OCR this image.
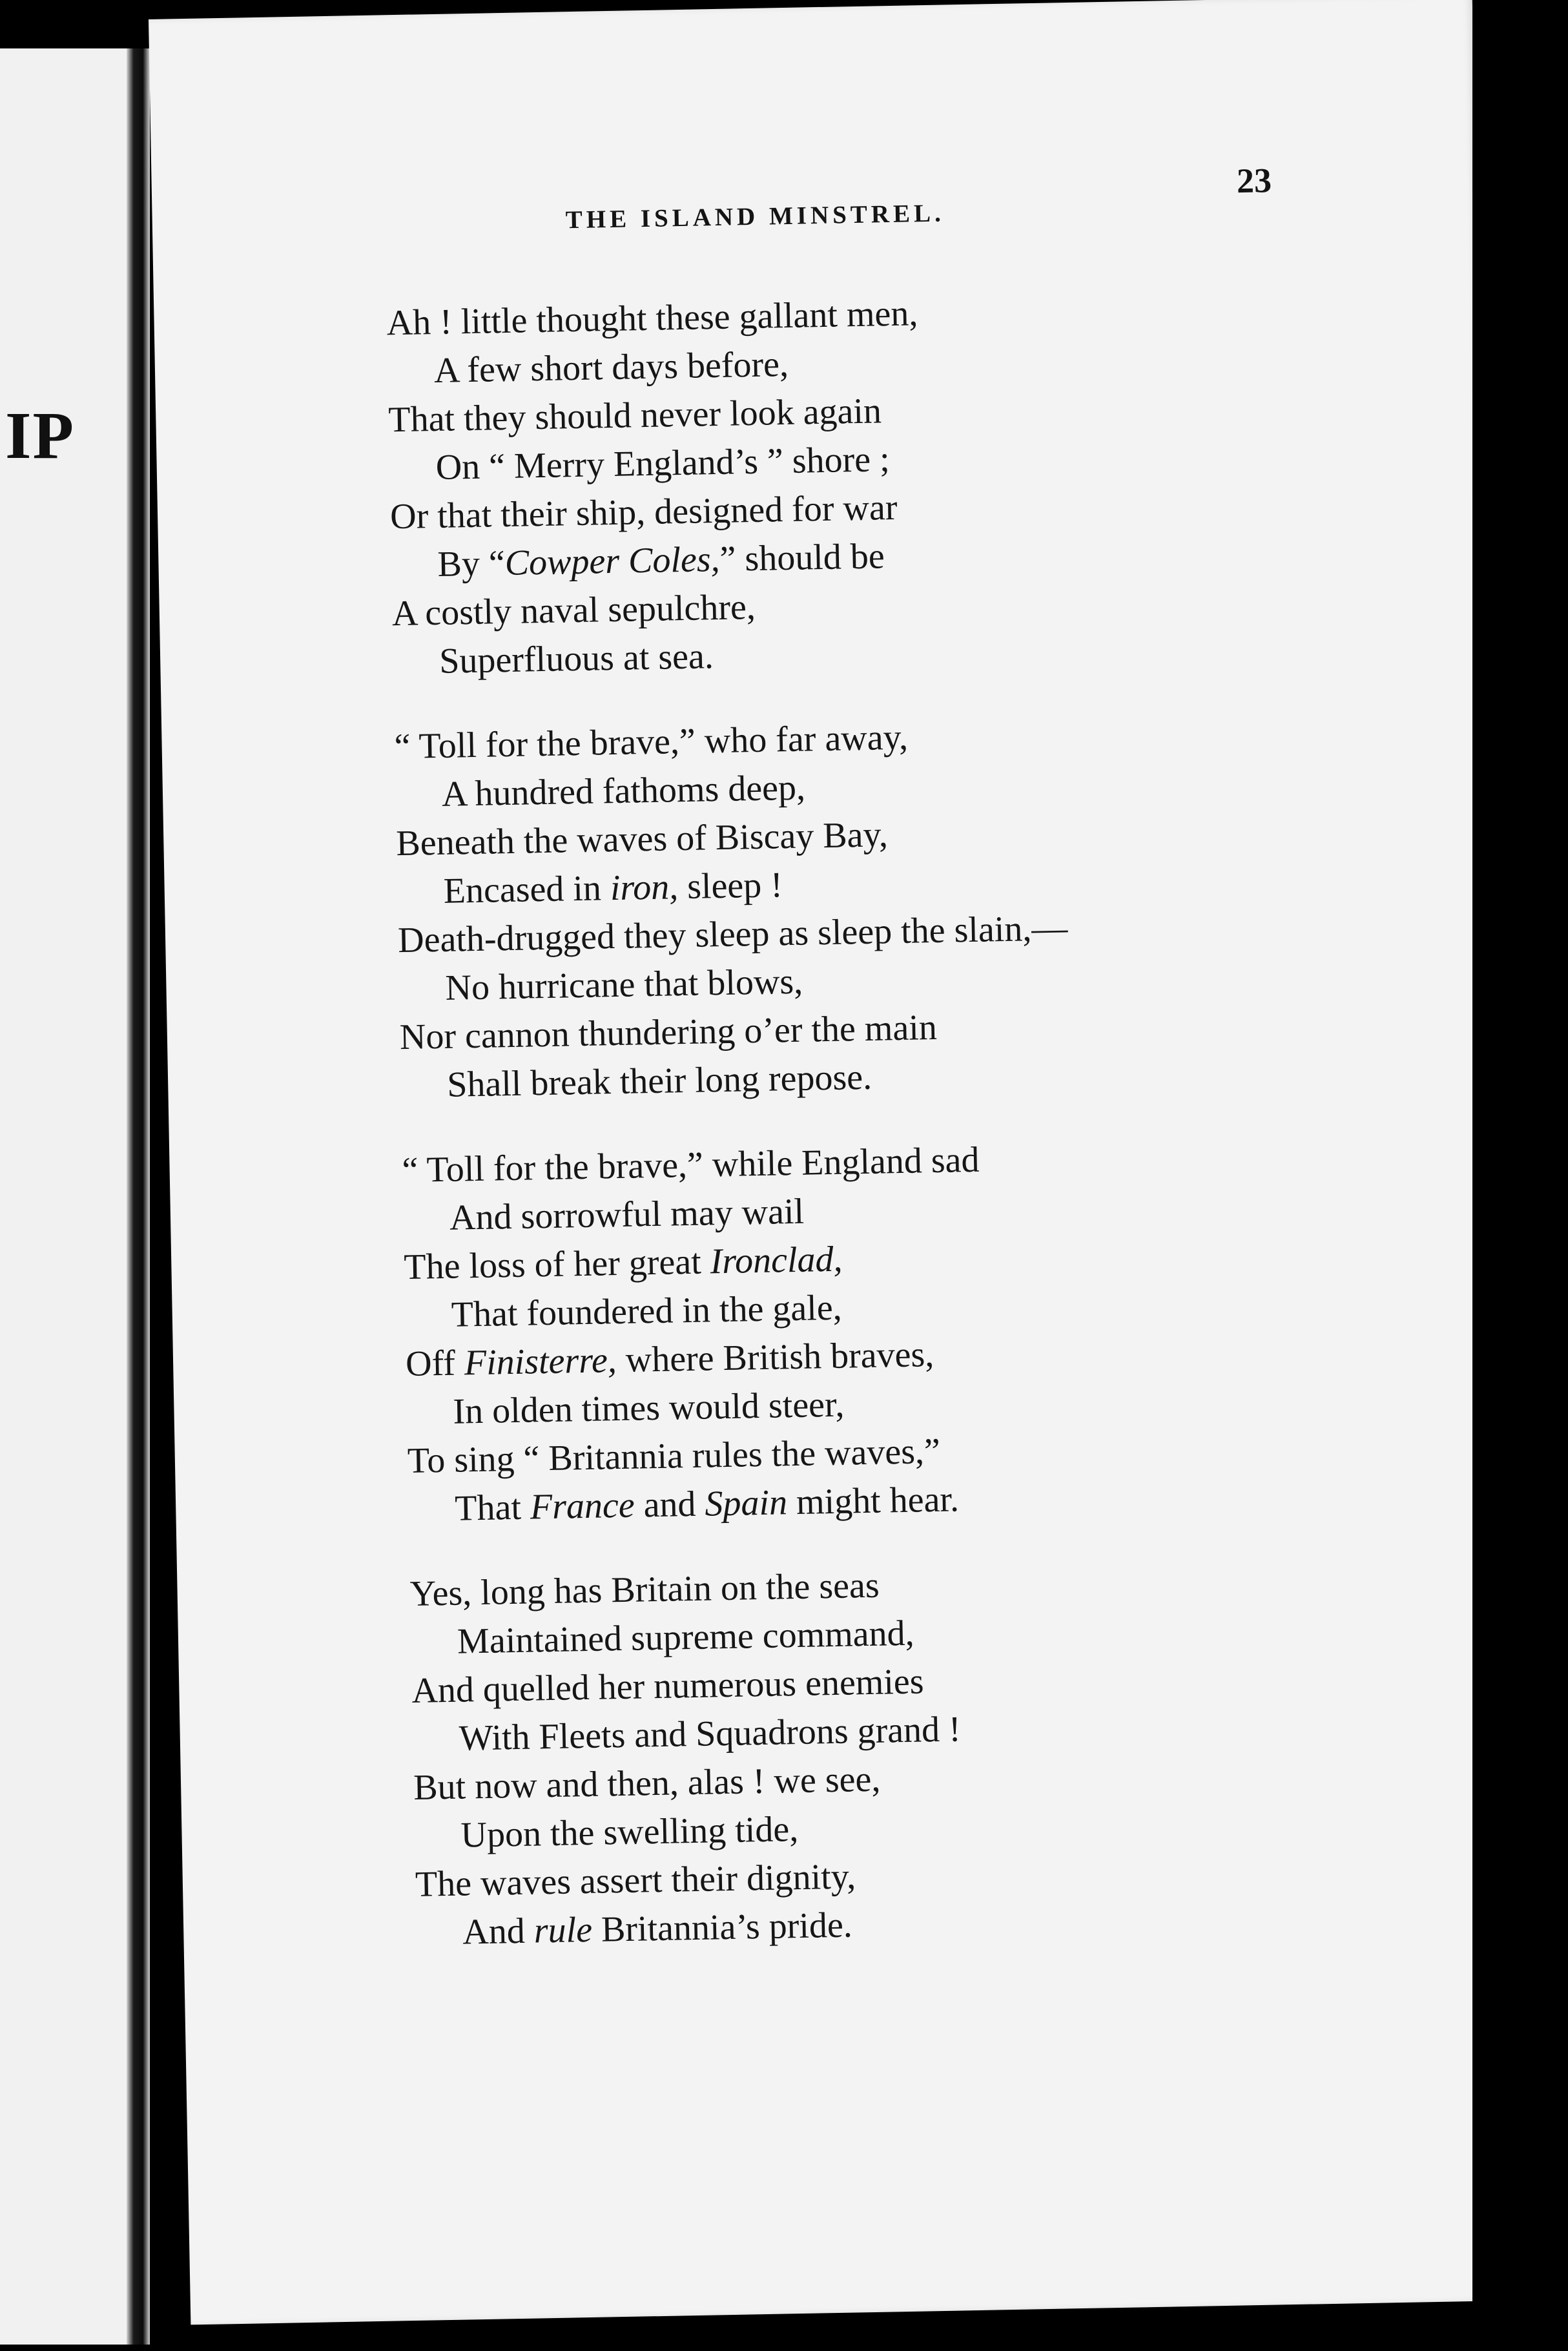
IP
THE ISLAND MINSTREL.
23
Ah ! little thought these gallant men,
A few short days before,
That they should never look again
On “ Merry England’s ” shore ;
Or that their ship, designed for war
By “Cowper Coles,” should be
A costly naval sepulchre,
Superfluous at sea.
“ Toll for the brave,” who far away,
A hundred fathoms deep,
Beneath the waves of Biscay Bay,
Encased in iron, sleep !
Death-drugged they sleep as sleep the slain,—
No hurricane that blows,
Nor cannon thundering o’er the main
Shall break their long repose.
“ Toll for the brave,” while England sad
And sorrowful may wail
The loss of her great Ironclad,
That foundered in the gale,
Off Finisterre, where British braves,
In olden times would steer,
To sing “ Britannia rules the waves,”
That France and Spain might hear.
Yes, long has Britain on the seas
Maintained supreme command,
And quelled her numerous enemies
With Fleets and Squadrons grand !
But now and then, alas ! we see,
Upon the swelling tide,
The waves assert their dignity,
And rule Britannia’s pride.
